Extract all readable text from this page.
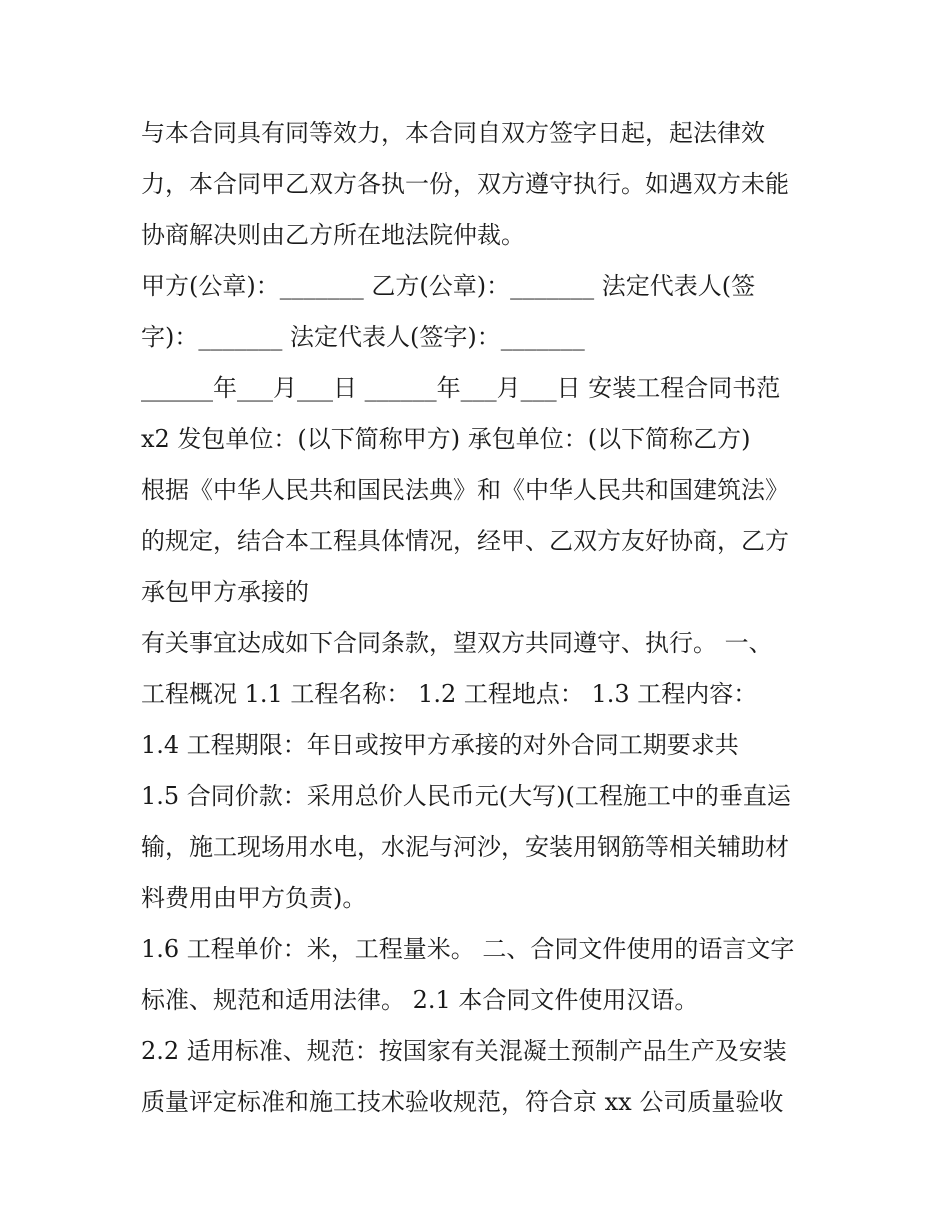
与本合同具有同等效力，本合同自双方签字日起，起法律效
力，本合同甲乙双方各执一份，双方遵守执行。如遇双方未能
协商解决则由乙方所在地法院仲裁。
甲方(公章)：_______ 乙方(公章)：_______ 法定代表人(签
字)：_______ 法定代表人(签字)：_______
______年___月___日 ______年___月___日 安装工程合同书范
x2 发包单位：(以下简称甲方) 承包单位：(以下简称乙方)
根据《中华人民共和国民法典》和《中华人民共和国建筑法》
的规定，结合本工程具体情况，经甲、乙双方友好协商，乙方
承包甲方承接的
有关事宜达成如下合同条款，望双方共同遵守、执行。 一、
工程概况 1.1 工程名称： 1.2 工程地点： 1.3 工程内容：
1.4 工程期限：年日或按甲方承接的对外合同工期要求共
1.5 合同价款：采用总价人民币元(大写)(工程施工中的垂直运
输，施工现场用水电，水泥与河沙，安装用钢筋等相关辅助材
料费用由甲方负责)。
1.6 工程单价：米，工程量米。 二、合同文件使用的语言文字
标准、规范和适用法律。 2.1 本合同文件使用汉语。
2.2 适用标准、规范：按国家有关混凝土预制产品生产及安装
质量评定标准和施工技术验收规范，符合京 xx 公司质量验收
